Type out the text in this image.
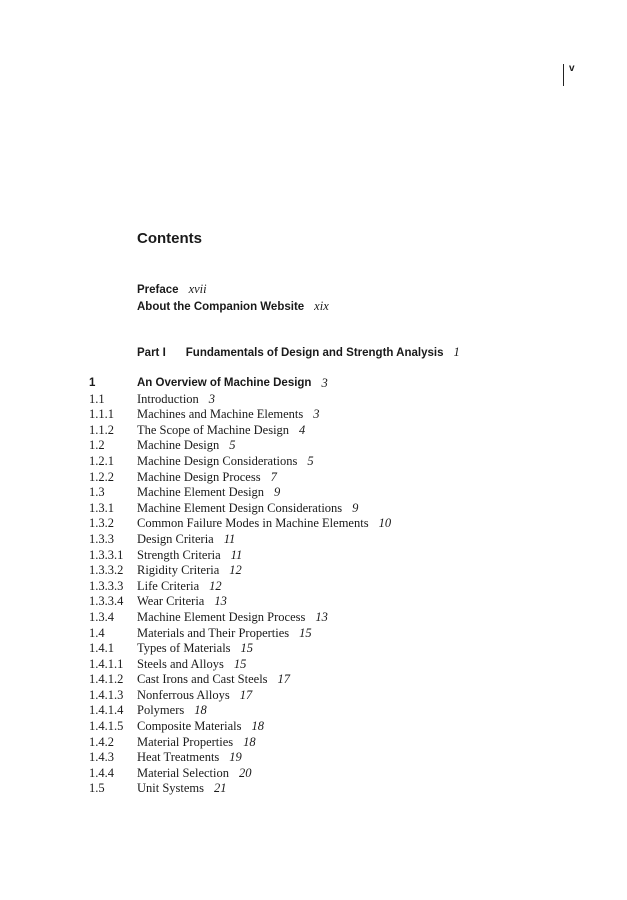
v
Contents
Preface xvii
About the Companion Website xix
Part I Fundamentals of Design and Strength Analysis 1
1	An Overview of Machine Design 3
1.1	Introduction 3
1.1.1	Machines and Machine Elements 3
1.1.2	The Scope of Machine Design 4
1.2	Machine Design 5
1.2.1	Machine Design Considerations 5
1.2.2	Machine Design Process 7
1.3	Machine Element Design 9
1.3.1	Machine Element Design Considerations 9
1.3.2	Common Failure Modes in Machine Elements 10
1.3.3	Design Criteria 11
1.3.3.1	Strength Criteria 11
1.3.3.2	Rigidity Criteria 12
1.3.3.3	Life Criteria 12
1.3.3.4	Wear Criteria 13
1.3.4	Machine Element Design Process 13
1.4	Materials and Their Properties 15
1.4.1	Types of Materials 15
1.4.1.1	Steels and Alloys 15
1.4.1.2	Cast Irons and Cast Steels 17
1.4.1.3	Nonferrous Alloys 17
1.4.1.4	Polymers 18
1.4.1.5	Composite Materials 18
1.4.2	Material Properties 18
1.4.3	Heat Treatments 19
1.4.4	Material Selection 20
1.5	Unit Systems 21
